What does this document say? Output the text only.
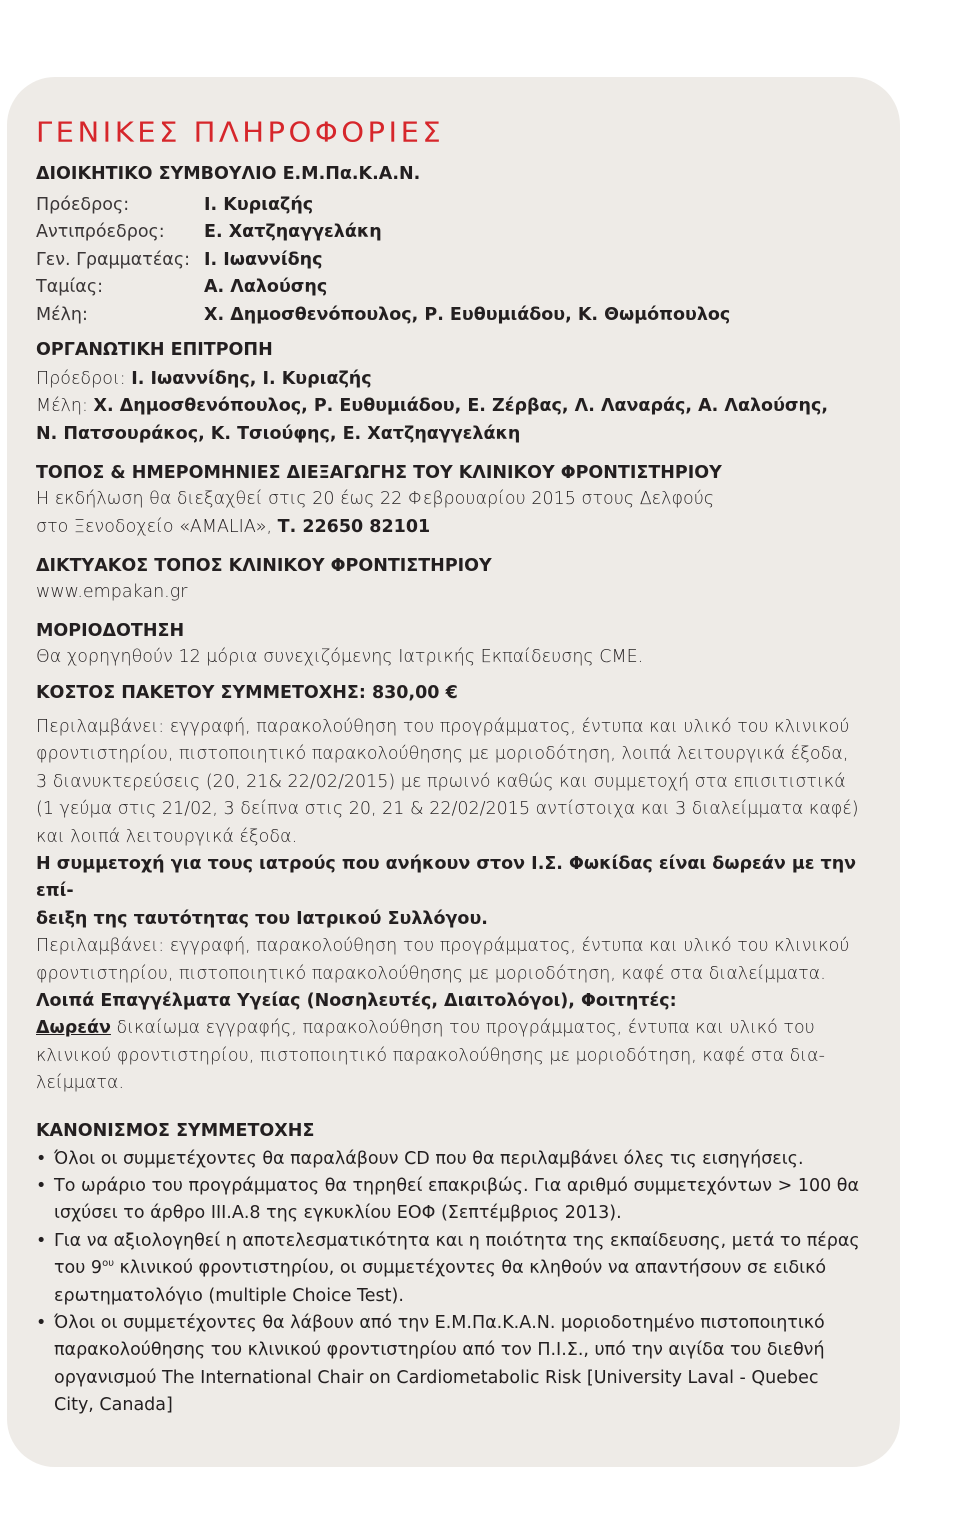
ΓΕΝΙΚΕΣ ΠΛΗΡΟΦΟΡΙΕΣ
ΔΙΟΙΚΗΤΙΚΟ ΣΥΜΒΟΥΛΙΟ Ε.Μ.Πα.Κ.Α.Ν.
Πρόεδρος:	Ι. Κυριαζής
Αντιπρόεδρος:	Ε. Χατζηαγγελάκη
Γεν. Γραμματέας: Ι. Ιωαννίδης
Ταμίας:	Α. Λαλούσης
Μέλη:	Χ. Δημοσθενόπουλος, Ρ. Ευθυμιάδου, Κ. Θωμόπουλος
ΟΡΓΑΝΩΤΙΚΗ ΕΠΙΤΡΟΠΗ
Πρόεδροι: Ι. Ιωαννίδης, Ι. Κυριαζής
Μέλη: Χ. Δημοσθενόπουλος, Ρ. Ευθυμιάδου, Ε. Ζέρβας, Λ. Λαναράς, Α. Λαλούσης,
Ν. Πατσουράκος, Κ. Τσιούφης, Ε. Χατζηαγγελάκη
ΤΟΠΟΣ & ΗΜΕΡΟΜΗΝΙΕΣ ΔΙΕΞΑΓΩΓΗΣ ΤΟΥ ΚΛΙΝΙΚΟΥ ΦΡΟΝΤΙΣΤΗΡΙΟΥ
Η εκδήλωση θα διεξαχθεί στις 20 έως 22 Φεβρουαρίου 2015 στους Δελφούς
στο Ξενοδοχείο «AMALIA», Τ. 22650 82101
ΔΙΚΤΥΑΚΟΣ ΤΟΠΟΣ ΚΛΙΝΙΚΟΥ ΦΡΟΝΤΙΣΤΗΡΙΟΥ
www.empakan.gr
ΜΟΡΙΟΔΟΤΗΣΗ
Θα χορηγηθούν 12 μόρια συνεχιζόμενης Ιατρικής Εκπαίδευσης CME.
ΚΟΣΤΟΣ ΠΑΚΕΤΟΥ ΣΥΜΜΕΤΟΧΗΣ: 830,00 €
Περιλαμβάνει: εγγραφή, παρακολούθηση του προγράμματος, έντυπα και υλικό του κλινικού
φροντιστηρίου, πιστοποιητικό παρακολούθησης με μοριοδότηση, λοιπά λειτουργικά έξοδα,
3 διανυκτερεύσεις (20, 21& 22/02/2015) με πρωινό καθώς και συμμετοχή στα επισιτιστικά
(1 γεύμα στις 21/02, 3 δείπνα στις 20, 21 & 22/02/2015 αντίστοιχα και 3 διαλείμματα καφέ)
και λοιπά λειτουργικά έξοδα.
Η συμμετοχή για τους ιατρούς που ανήκουν στον Ι.Σ. Φωκίδας είναι δωρεάν με την επί-
δειξη της ταυτότητας του Ιατρικού Συλλόγου.
Περιλαμβάνει: εγγραφή, παρακολούθηση του προγράμματος, έντυπα και υλικό του κλινικού
φροντιστηρίου, πιστοποιητικό παρακολούθησης με μοριοδότηση, καφέ στα διαλείμματα.
Λοιπά Επαγγέλματα Υγείας (Νοσηλευτές, Διαιτολόγοι), Φοιτητές:
Δωρεάν δικαίωμα εγγραφής, παρακολούθηση του προγράμματος, έντυπα και υλικό του
κλινικού φροντιστηρίου, πιστοποιητικό παρακολούθησης με μοριοδότηση, καφέ στα δια-
λείμματα.
ΚΑΝΟΝΙΣΜΟΣ ΣΥΜΜΕΤΟΧΗΣ
• Όλοι οι συμμετέχοντες θα παραλάβουν CD που θα περιλαμβάνει όλες τις εισηγήσεις.
• Το ωράριο του προγράμματος θα τηρηθεί επακριβώς. Για αριθμό συμμετεχόντων > 100 θα
ισχύσει το άρθρο ΙΙΙ.Α.8 της εγκυκλίου ΕΟΦ (Σεπτέμβριος 2013).
• Για να αξιολογηθεί η αποτελεσματικότητα και η ποιότητα της εκπαίδευσης, μετά το πέρας
του $9^{o\upsilon}$ κλινικού φροντιστηρίου, οι συμμετέχοντες θα κληθούν να απαντήσουν σε ειδικό
ερωτηματολόγιο (multiple Choice Test).
• Όλοι οι συμμετέχοντες θα λάβουν από την Ε.Μ.Πα.Κ.Α.Ν. μοριοδοτημένο πιστοποιητικό
παρακολούθησης του κλινικού φροντιστηρίου από τον Π.Ι.Σ., υπό την αιγίδα του διεθνή
οργανισμού The International Chair on Cardiometabolic Risk [University Laval - Quebec
City, Canada]
